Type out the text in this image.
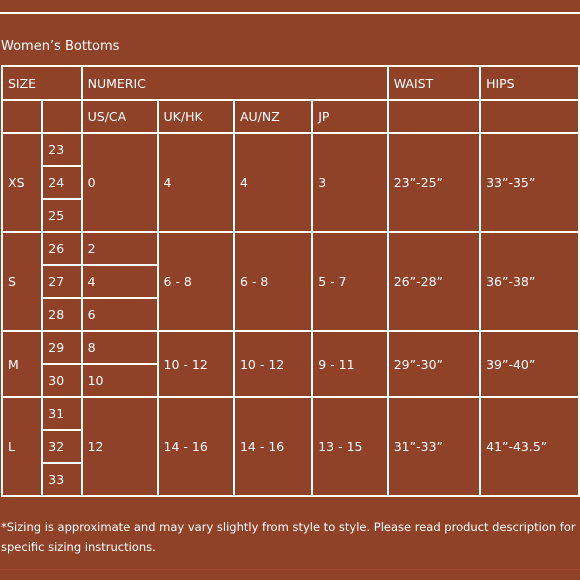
Women’s Bottoms
SIZE		NUMERIC				WAIST	HIPS
		US/CA	UK/HK	AU/NZ	JP		
XS	23	0	4	4	3	23”-25”	33”-35”
	24						
	25						
S	26	2	6 - 8	6 - 8	5 - 7	26”-28”	36”-38”
	27	4					
	28	6					
M	29	8	10 - 12	10 - 12	9 - 11	29”-30”	39”-40”
	30	10					
L	31	12	14 - 16	14 - 16	13 - 15	31”-33”	41”-43.5”
	32						
	33						
*Sizing is approximate and may vary slightly from style to style. Please read product description for
specific sizing instructions.
